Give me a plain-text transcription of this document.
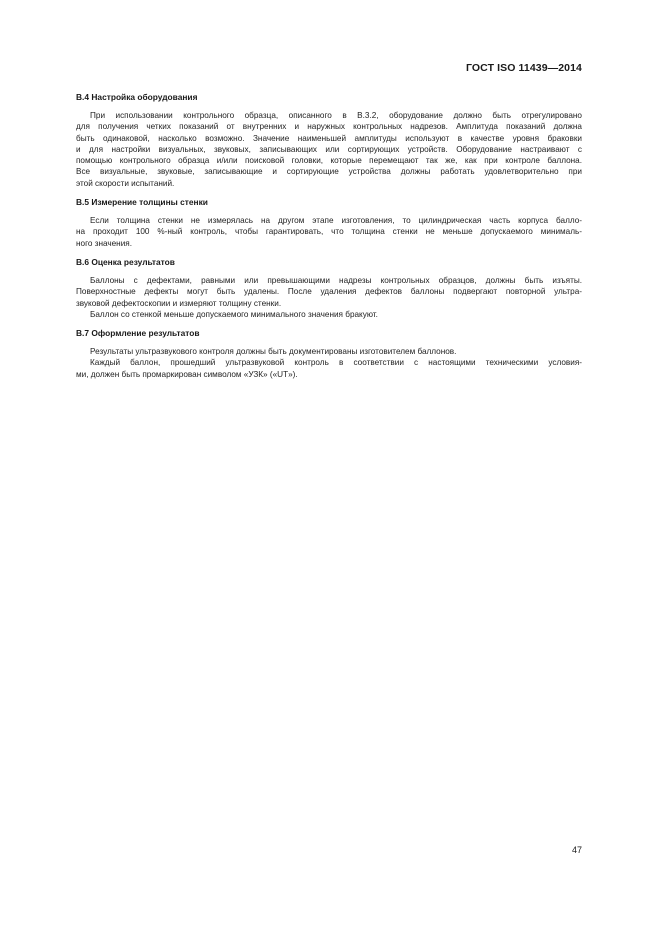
ГОСТ ISO 11439—2014
B.4 Настройка оборудования
При использовании контрольного образца, описанного в В.3.2, оборудование должно быть отрегулировано
для получения четких показаний от внутренних и наружных контрольных надрезов. Амплитуда показаний должна
быть одинаковой, насколько возможно. Значение наименьшей амплитуды используют в качестве уровня браковки
и для настройки визуальных, звуковых, записывающих или сортирующих устройств. Оборудование настраивают с
помощью контрольного образца и/или поисковой головки, которые перемещают так же, как при контроле баллона.
Все визуальные, звуковые, записывающие и сортирующие устройства должны работать удовлетворительно при
этой скорости испытаний.
B.5 Измерение толщины стенки
Если толщина стенки не измерялась на другом этапе изготовления, то цилиндрическая часть корпуса балло-
на проходит 100 %-ный контроль, чтобы гарантировать, что толщина стенки не меньше допускаемого минималь-
ного значения.
B.6 Оценка результатов
Баллоны с дефектами, равными или превышающими надрезы контрольных образцов, должны быть изъяты.
Поверхностные дефекты могут быть удалены. После удаления дефектов баллоны подвергают повторной ультра-
звуковой дефектоскопии и измеряют толщину стенки.
Баллон со стенкой меньше допускаемого минимального значения бракуют.
B.7 Оформление результатов
Результаты ультразвукового контроля должны быть документированы изготовителем баллонов.
Каждый баллон, прошедший ультразвуковой контроль в соответствии с настоящими техническими условия-
ми, должен быть промаркирован символом «УЗК» («UT»).
47
